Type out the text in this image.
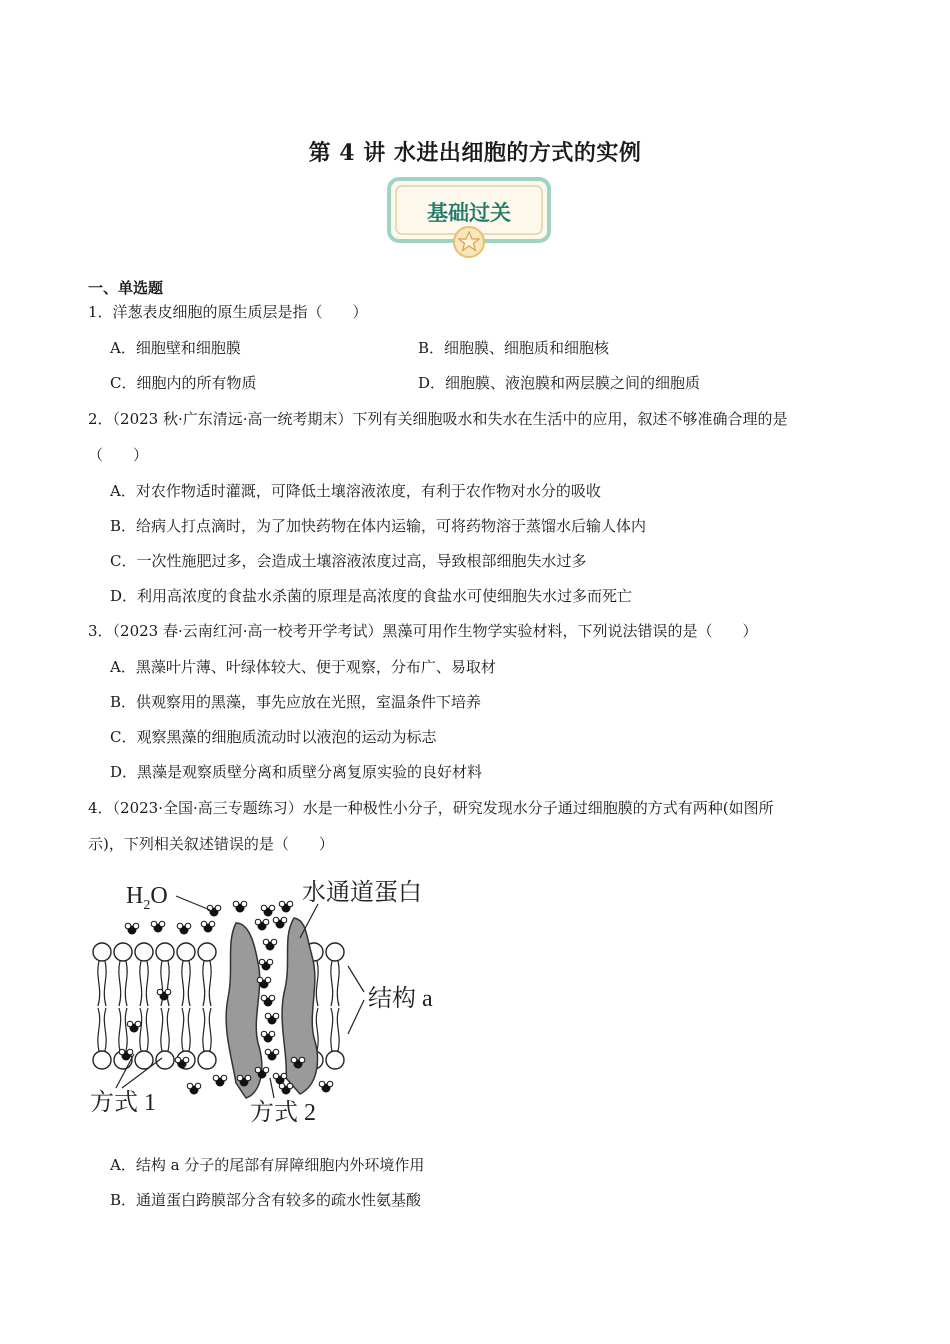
第 4 讲 水进出细胞的方式的实例
基础过关
一、单选题
1．洋葱表皮细胞的原生质层是指（　　）
A．细胞壁和细胞膜	B．细胞膜、细胞质和细胞核
C．细胞内的所有物质	D．细胞膜、液泡膜和两层膜之间的细胞质
2．（2023 秋·广东清远·高一统考期末）下列有关细胞吸水和失水在生活中的应用，叙述不够准确合理的是
（　　）
A．对农作物适时灌溉，可降低土壤溶液浓度，有利于农作物对水分的吸收
B．给病人打点滴时，为了加快药物在体内运输，可将药物溶于蒸馏水后输人体内
C．一次性施肥过多，会造成土壤溶液浓度过高，导致根部细胞失水过多
D．利用高浓度的食盐水杀菌的原理是高浓度的食盐水可使细胞失水过多而死亡
3．（2023 春·云南红河·高一校考开学考试）黑藻可用作生物学实验材料，下列说法错误的是（　　）
A．黑藻叶片薄、叶绿体较大、便于观察，分布广、易取材
B．供观察用的黑藻，事先应放在光照，室温条件下培养
C．观察黑藻的细胞质流动时以液泡的运动为标志
D．黑藻是观察质壁分离和质壁分离复原实验的良好材料
4．（2023·全国·高三专题练习）水是一种极性小分子，研究发现水分子通过细胞膜的方式有两种(如图所
示)，下列相关叙述错误的是（　　）
$H_2O$	水通道蛋白
结构 a
方式 1	方式 2
A．结构 a 分子的尾部有屏障细胞内外环境作用
B．通道蛋白跨膜部分含有较多的疏水性氨基酸
